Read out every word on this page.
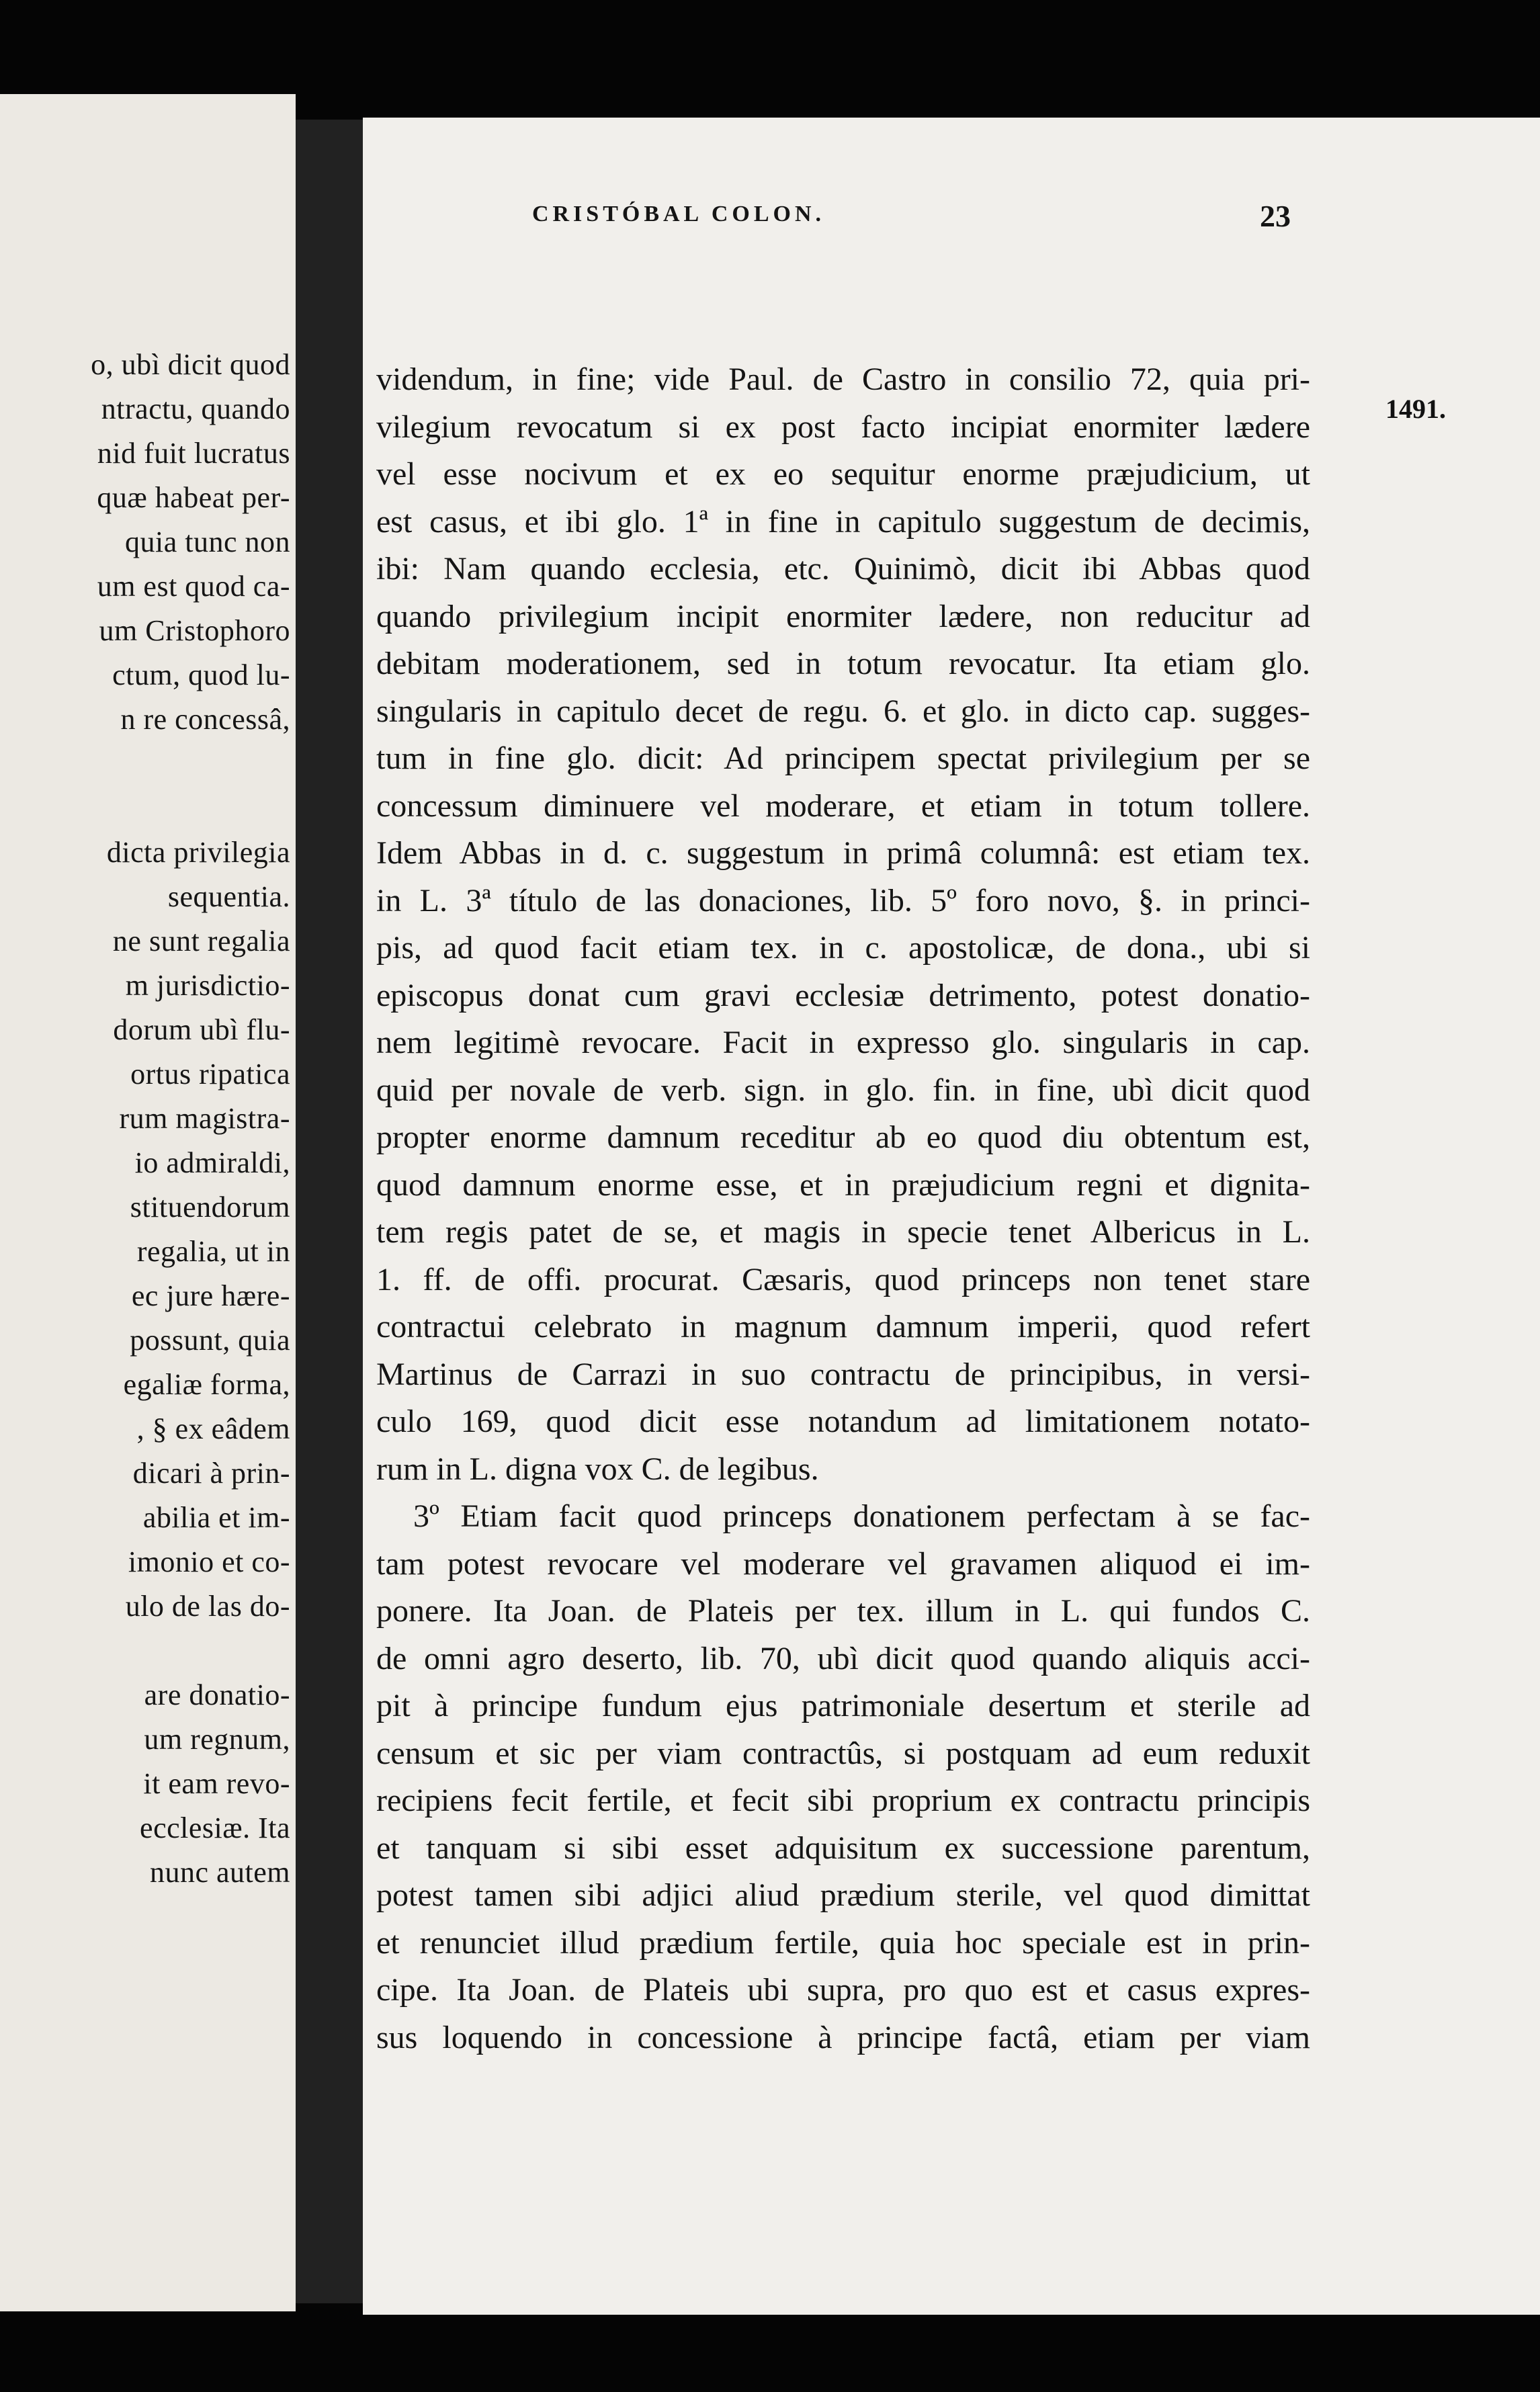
o, ubì dicit quod
ntractu, quando
nid fuit lucratus
quæ habeat per-
quia tunc non
um est quod ca-
um Cristophoro
ctum, quod lu-
n re concessâ,
dicta privilegia
sequentia.
ne sunt regalia
m jurisdictio-
dorum ubì flu-
ortus ripatica
rum magistra-
io admiraldi,
stituendorum
regalia, ut in
ec jure hære-
possunt, quia
egaliæ forma,
, § ex eâdem
dicari à prin-
abilia et im-
imonio et co-
ulo de las do-
are donatio-
um regnum,
it eam revo-
ecclesiæ. Ita
nunc autem
CRISTÓBAL COLON.	23
1491.
videndum, in fine; vide Paul. de Castro in consilio 72, quia pri-
vilegium revocatum si ex post facto incipiat enormiter lædere
vel esse nocivum et ex eo sequitur enorme præjudicium, ut
est casus, et ibi glo. 1ª in fine in capitulo suggestum de decimis,
ibi: Nam quando ecclesia, etc. Quinimò, dicit ibi Abbas quod
quando privilegium incipit enormiter lædere, non reducitur ad
debitam moderationem, sed in totum revocatur. Ita etiam glo.
singularis in capitulo decet de regu. 6. et glo. in dicto cap. sugges-
tum in fine glo. dicit: Ad principem spectat privilegium per se
concessum diminuere vel moderare, et etiam in totum tollere.
Idem Abbas in d. c. suggestum in primâ columnâ: est etiam tex.
in L. 3ª título de las donaciones, lib. 5º foro novo, §. in princi-
pis, ad quod facit etiam tex. in c. apostolicæ, de dona., ubi si
episcopus donat cum gravi ecclesiæ detrimento, potest donatio-
nem legitimè revocare. Facit in expresso glo. singularis in cap.
quid per novale de verb. sign. in glo. fin. in fine, ubì dicit quod
propter enorme damnum receditur ab eo quod diu obtentum est,
quod damnum enorme esse, et in præjudicium regni et dignita-
tem regis patet de se, et magis in specie tenet Albericus in L.
1. ff. de offi. procurat. Cæsaris, quod princeps non tenet stare
contractui celebrato in magnum damnum imperii, quod refert
Martinus de Carrazi in suo contractu de principibus, in versi-
culo 169, quod dicit esse notandum ad limitationem notato-
rum in L. digna vox C. de legibus.
3º Etiam facit quod princeps donationem perfectam à se fac-
tam potest revocare vel moderare vel gravamen aliquod ei im-
ponere. Ita Joan. de Plateis per tex. illum in L. qui fundos C.
de omni agro deserto, lib. 70, ubì dicit quod quando aliquis acci-
pit à principe fundum ejus patrimoniale desertum et sterile ad
censum et sic per viam contractûs, si postquam ad eum reduxit
recipiens fecit fertile, et fecit sibi proprium ex contractu principis
et tanquam si sibi esset adquisitum ex successione parentum,
potest tamen sibi adjici aliud prædium sterile, vel quod dimittat
et renunciet illud prædium fertile, quia hoc speciale est in prin-
cipe. Ita Joan. de Plateis ubi supra, pro quo est et casus expres-
sus loquendo in concessione à principe factâ, etiam per viam
